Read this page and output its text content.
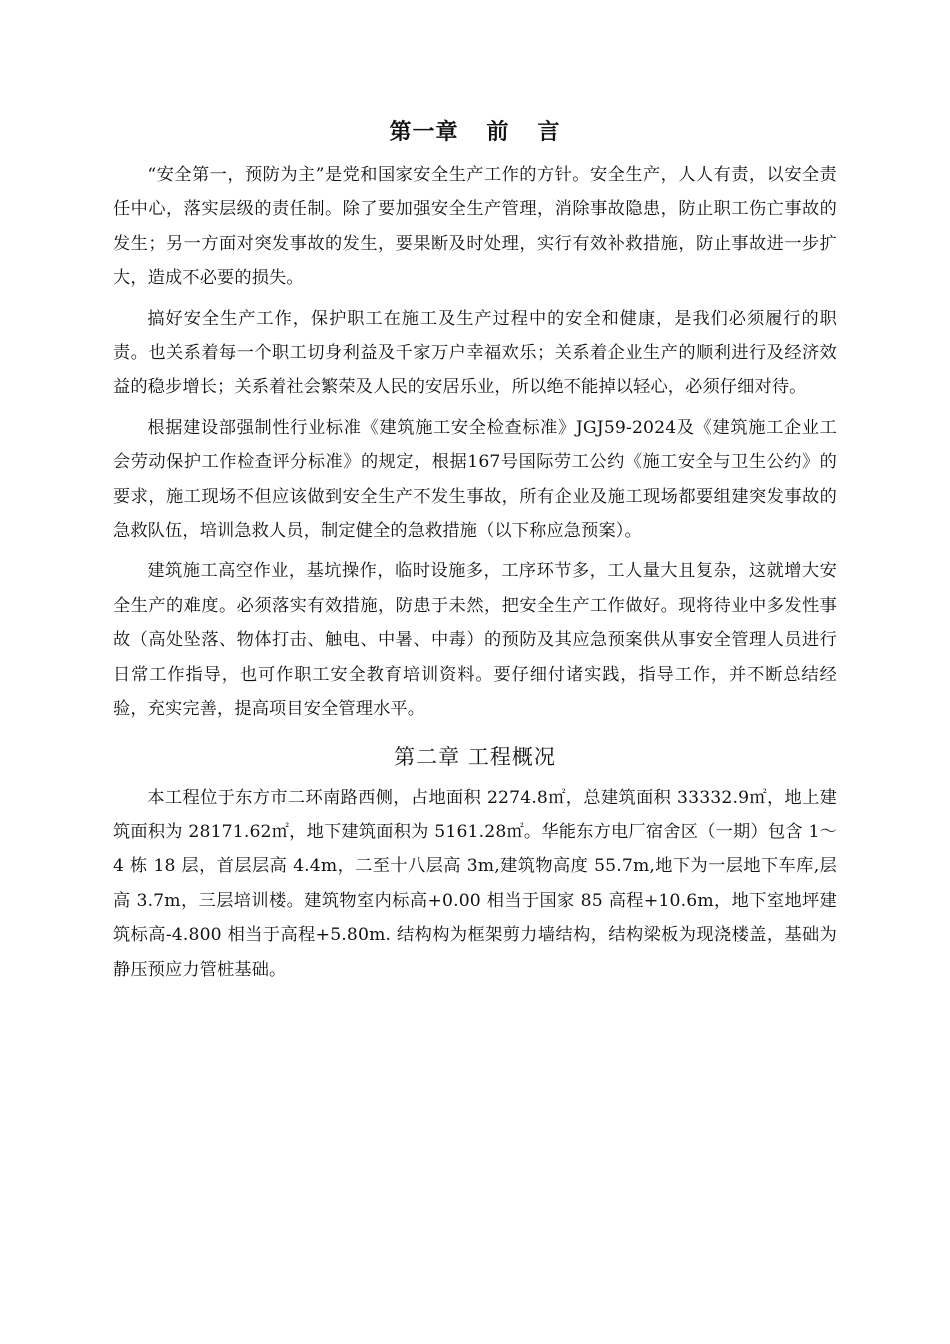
第一章 前 言

“安全第一，预防为主”是党和国家安全生产工作的方针。安全生产，人人有责，以安全责任中心，落实层级的责任制。除了要加强安全生产管理，消除事故隐患，防止职工伤亡事故的发生；另一方面对突发事故的发生，要果断及时处理，实行有效补救措施，防止事故进一步扩大，造成不必要的损失。

搞好安全生产工作，保护职工在施工及生产过程中的安全和健康，是我们必须履行的职责。也关系着每一个职工切身利益及千家万户幸福欢乐；关系着企业生产的顺利进行及经济效益的稳步增长；关系着社会繁荣及人民的安居乐业，所以绝不能掉以轻心，必须仔细对待。

根据建设部强制性行业标准《建筑施工安全检查标准》JGJ59-2024及《建筑施工企业工会劳动保护工作检查评分标准》的规定，根据167号国际劳工公约《施工安全与卫生公约》的要求，施工现场不但应该做到安全生产不发生事故，所有企业及施工现场都要组建突发事故的急救队伍，培训急救人员，制定健全的急救措施（以下称应急预案）。

建筑施工高空作业，基坑操作，临时设施多，工序环节多，工人量大且复杂，这就增大安全生产的难度。必须落实有效措施，防患于未然，把安全生产工作做好。现将待业中多发性事故（高处坠落、物体打击、触电、中暑、中毒）的预防及其应急预案供从事安全管理人员进行日常工作指导，也可作职工安全教育培训资料。要仔细付诸实践，指导工作，并不断总结经验，充实完善，提高项目安全管理水平。

第二章 工程概况

本工程位于东方市二环南路西侧，占地面积 2274.8㎡，总建筑面积 33332.9㎡，地上建筑面积为 28171.62㎡，地下建筑面积为 5161.28㎡。华能东方电厂宿舍区（一期）包含 1～4 栋 18 层，首层层高 4.4m，二至十八层高 3m,建筑物高度 55.7m,地下为一层地下车库,层高 3.7m，三层培训楼。建筑物室内标高+0.00 相当于国家 85 高程+10.6m，地下室地坪建筑标高-4.800 相当于高程+5.80m. 结构构为框架剪力墙结构，结构梁板为现浇楼盖，基础为静压预应力管桩基础。
